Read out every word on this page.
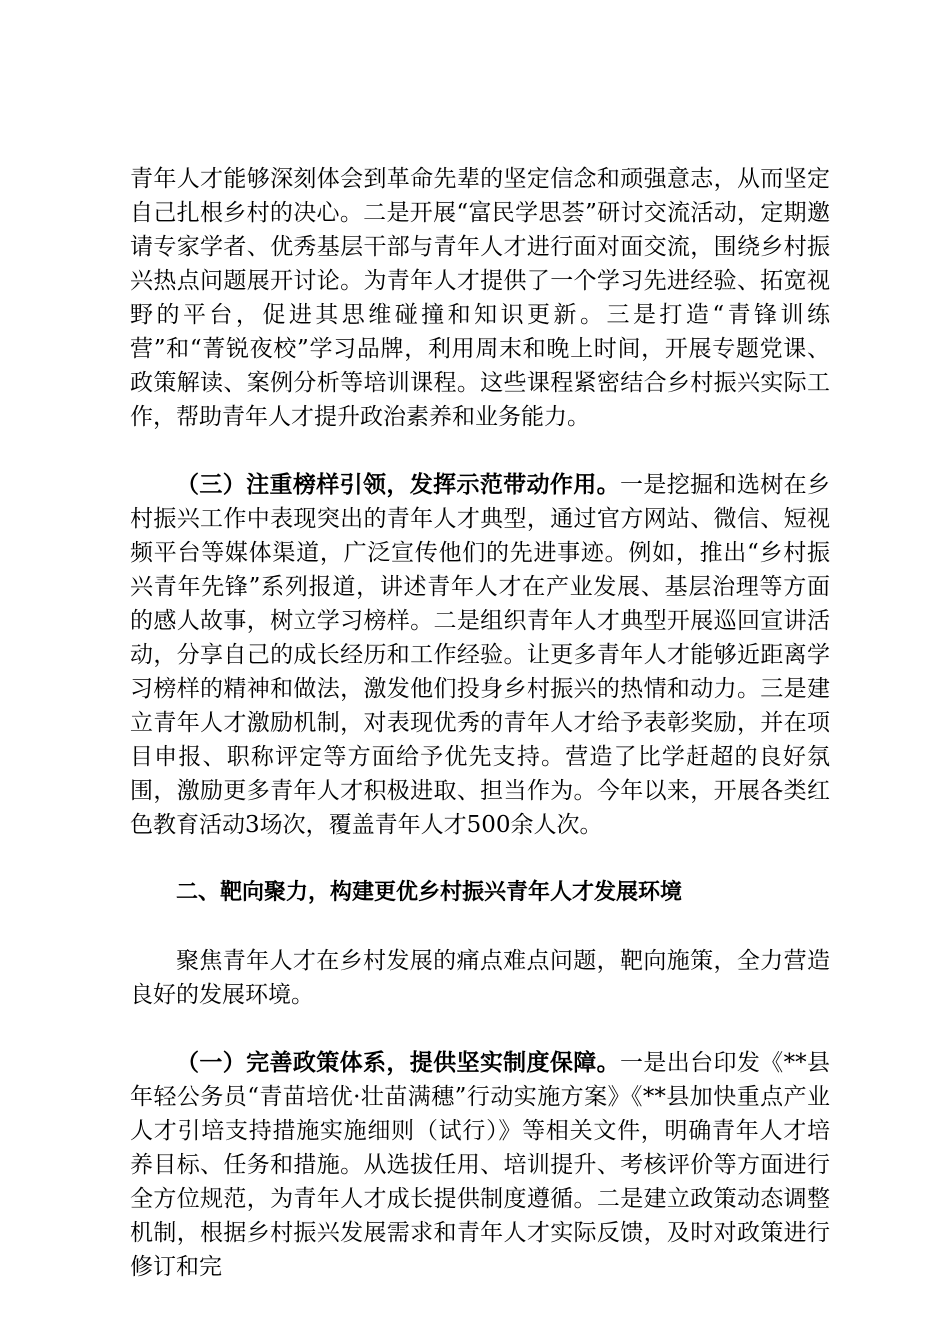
青年人才能够深刻体会到革命先辈的坚定信念和顽强意志，从而坚定自己扎根乡村的决心。二是开展“富民学思荟”研讨交流活动，定期邀请专家学者、优秀基层干部与青年人才进行面对面交流，围绕乡村振兴热点问题展开讨论。为青年人才提供了一个学习先进经验、拓宽视野的平台，促进其思维碰撞和知识更新。三是打造“青锋训练营”和“菁锐夜校”学习品牌，利用周末和晚上时间，开展专题党课、政策解读、案例分析等培训课程。这些课程紧密结合乡村振兴实际工作，帮助青年人才提升政治素养和业务能力。

（三）注重榜样引领，发挥示范带动作用。一是挖掘和选树在乡村振兴工作中表现突出的青年人才典型，通过官方网站、微信、短视频平台等媒体渠道，广泛宣传他们的先进事迹。例如，推出“乡村振兴青年先锋”系列报道，讲述青年人才在产业发展、基层治理等方面的感人故事，树立学习榜样。二是组织青年人才典型开展巡回宣讲活动，分享自己的成长经历和工作经验。让更多青年人才能够近距离学习榜样的精神和做法，激发他们投身乡村振兴的热情和动力。三是建立青年人才激励机制，对表现优秀的青年人才给予表彰奖励，并在项目申报、职称评定等方面给予优先支持。营造了比学赶超的良好氛围，激励更多青年人才积极进取、担当作为。今年以来，开展各类红色教育活动3场次，覆盖青年人才500余人次。

二、靶向聚力，构建更优乡村振兴青年人才发展环境

聚焦青年人才在乡村发展的痛点难点问题，靶向施策，全力营造良好的发展环境。

（一）完善政策体系，提供坚实制度保障。一是出台印发《**县年轻公务员“青苗培优·壮苗满穗”行动实施方案》《**县加快重点产业人才引培支持措施实施细则（试行）》等相关文件，明确青年人才培养目标、任务和措施。从选拔任用、培训提升、考核评价等方面进行全方位规范，为青年人才成长提供制度遵循。二是建立政策动态调整机制，根据乡村振兴发展需求和青年人才实际反馈，及时对政策进行修订和完
